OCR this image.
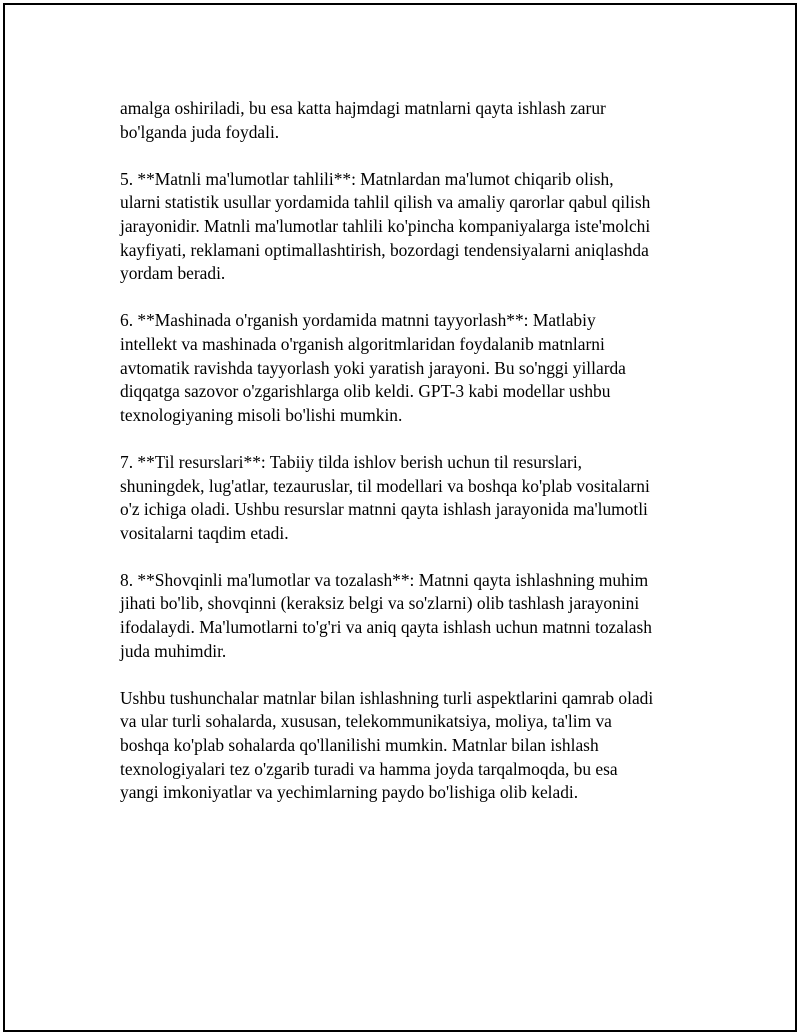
amalga oshiriladi, bu esa katta hajmdagi matnlarni qayta ishlash zarur
bo'lganda juda foydali.

5. **Matnli ma'lumotlar tahlili**: Matnlardan ma'lumot chiqarib olish,
ularni statistik usullar yordamida tahlil qilish va amaliy qarorlar qabul qilish
jarayonidir. Matnli ma'lumotlar tahlili ko'pincha kompaniyalarga iste'molchi
kayfiyati, reklamani optimallashtirish, bozordagi tendensiyalarni aniqlashda
yordam beradi.

6. **Mashinada o'rganish yordamida matnni tayyorlash**: Matlabiy
intellekt va mashinada o'rganish algoritmlaridan foydalanib matnlarni
avtomatik ravishda tayyorlash yoki yaratish jarayoni. Bu so'nggi yillarda
diqqatga sazovor o'zgarishlarga olib keldi. GPT-3 kabi modellar ushbu
texnologiyaning misoli bo'lishi mumkin.

7. **Til resurslari**: Tabiiy tilda ishlov berish uchun til resurslari,
shuningdek, lug'atlar, tezauruslar, til modellari va boshqa ko'plab vositalarni
o'z ichiga oladi. Ushbu resurslar matnni qayta ishlash jarayonida ma'lumotli
vositalarni taqdim etadi.

8. **Shovqinli ma'lumotlar va tozalash**: Matnni qayta ishlashning muhim
jihati bo'lib, shovqinni (keraksiz belgi va so'zlarni) olib tashlash jarayonini
ifodalaydi. Ma'lumotlarni to'g'ri va aniq qayta ishlash uchun matnni tozalash
juda muhimdir.

Ushbu tushunchalar matnlar bilan ishlashning turli aspektlarini qamrab oladi
va ular turli sohalarda, xususan, telekommunikatsiya, moliya, ta'lim va
boshqa ko'plab sohalarda qo'llanilishi mumkin. Matnlar bilan ishlash
texnologiyalari tez o'zgarib turadi va hamma joyda tarqalmoqda, bu esa
yangi imkoniyatlar va yechimlarning paydo bo'lishiga olib keladi.
